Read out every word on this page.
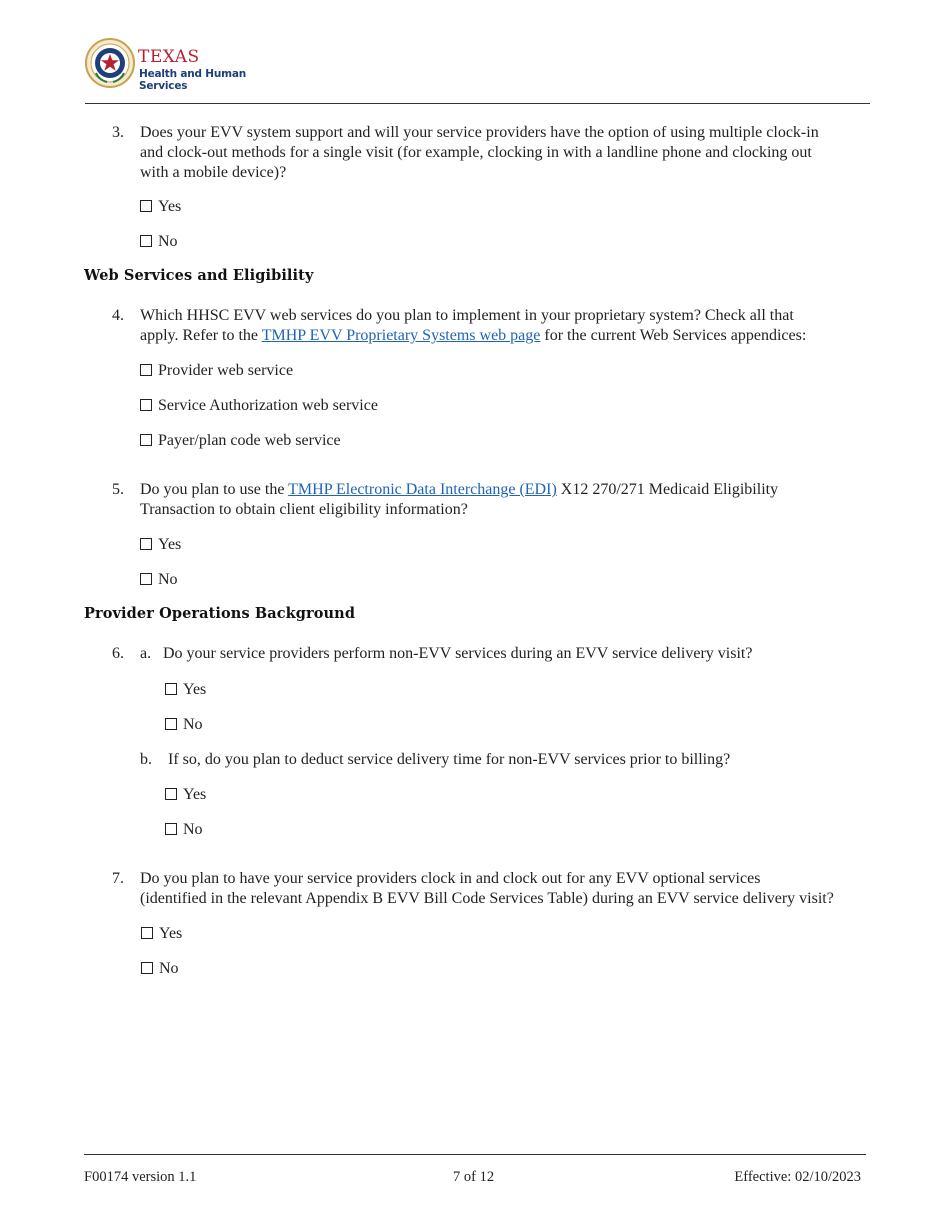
TEXAS
Health and Human Services
3. Does your EVV system support and will your service providers have the option of using multiple clock-in
and clock-out methods for a single visit (for example, clocking in with a landline phone and clocking out
with a mobile device)?
Yes
No
Web Services and Eligibility
4. Which HHSC EVV web services do you plan to implement in your proprietary system? Check all that
apply. Refer to the TMHP EVV Proprietary Systems web page for the current Web Services appendices:
Provider web service
Service Authorization web service
Payer/plan code web service
5. Do you plan to use the TMHP Electronic Data Interchange (EDI) X12 270/271 Medicaid Eligibility
Transaction to obtain client eligibility information?
Yes
No
Provider Operations Background
6. a. Do your service providers perform non-EVV services during an EVV service delivery visit?
Yes
No
b. If so, do you plan to deduct service delivery time for non-EVV services prior to billing?
Yes
No
7. Do you plan to have your service providers clock in and clock out for any EVV optional services
(identified in the relevant Appendix B EVV Bill Code Services Table) during an EVV service delivery visit?
Yes
No
F00174 version 1.1	7 of 12	Effective: 02/10/2023
